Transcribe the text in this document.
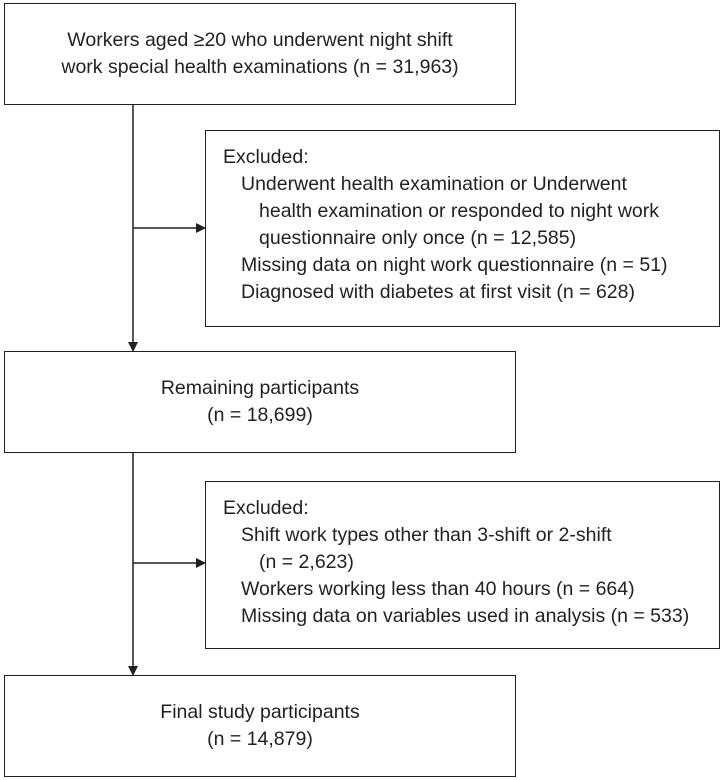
Workers aged ≥20 who underwent night shift
work special health examinations (n = 31,963)
Excluded:
Underwent health examination or Underwent
health examination or responded to night work
questionnaire only once (n = 12,585)
Missing data on night work questionnaire (n = 51)
Diagnosed with diabetes at first visit (n = 628)
Remaining participants
(n = 18,699)
Excluded:
Shift work types other than 3-shift or 2-shift
(n = 2,623)
Workers working less than 40 hours (n = 664)
Missing data on variables used in analysis (n = 533)
Final study participants
(n = 14,879)
